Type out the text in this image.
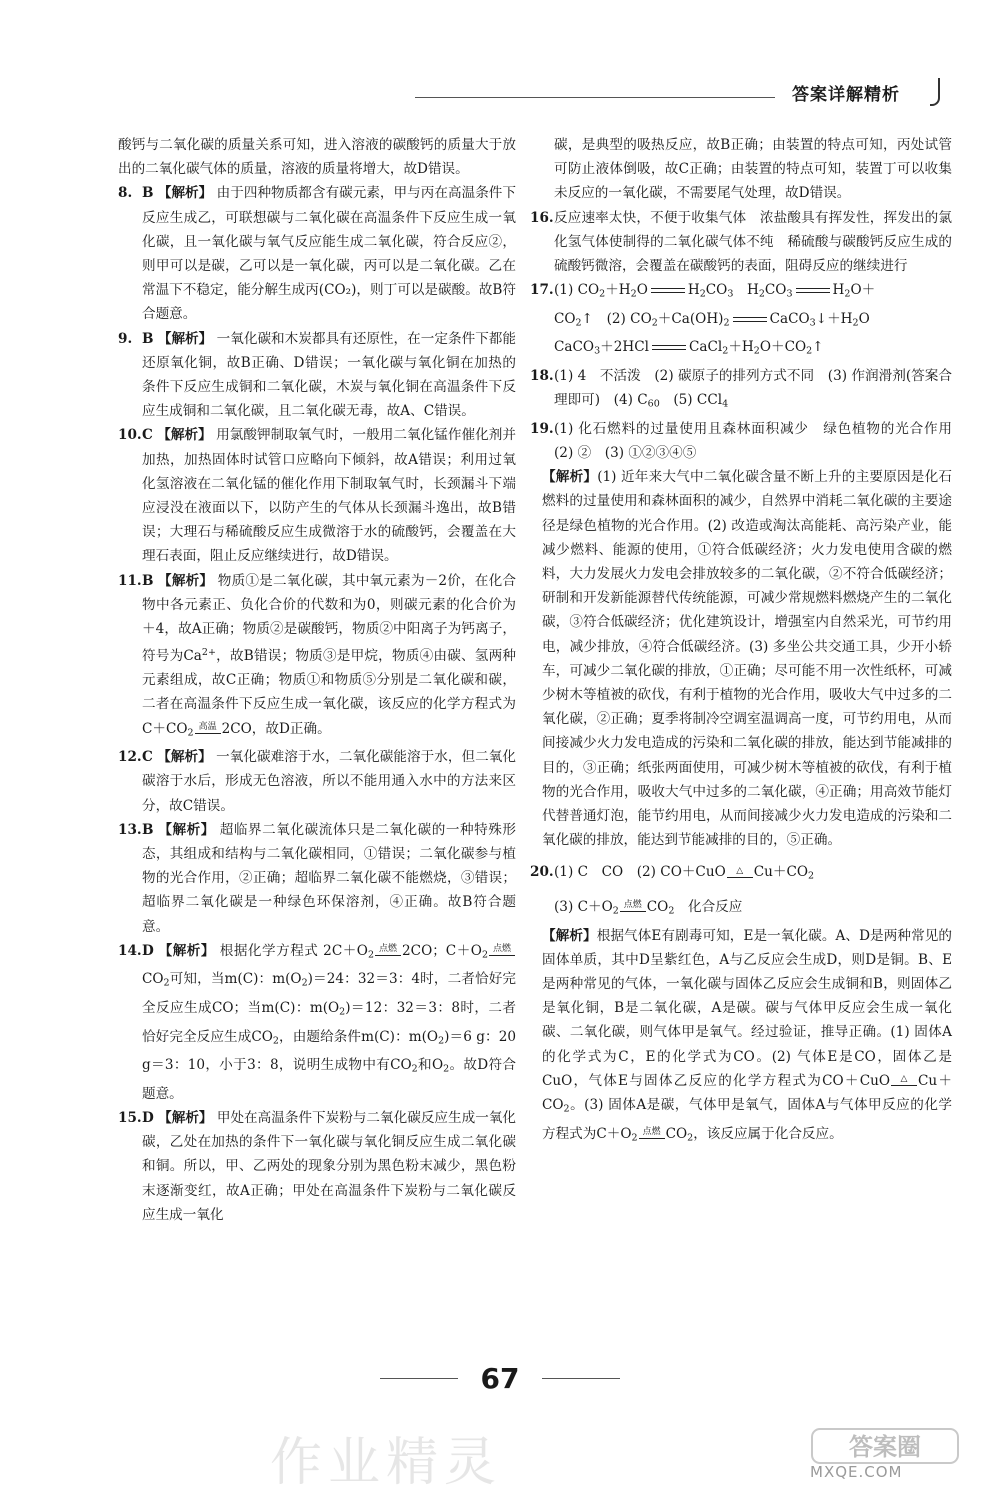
答案详解精析

酸钙与二氧化碳的质量关系可知，进入溶液的碳酸钙的质量大于放出的二氧化碳气体的质量，溶液的质量将增大，故D错误。

8. B 【解析】 由于四种物质都含有碳元素，甲与丙在高温条件下反应生成乙，可联想碳与二氧化碳在高温条件下反应生成一氧化碳，且一氧化碳与氧气反应能生成二氧化碳，符合反应②，则甲可以是碳，乙可以是一氧化碳，丙可以是二氧化碳。乙在常温下不稳定，能分解生成丙(CO₂)，则丁可以是碳酸。故B符合题意。
9. B 【解析】 一氧化碳和木炭都具有还原性，在一定条件下都能还原氧化铜，故B正确、D错误；一氧化碳与氧化铜在加热的条件下反应生成铜和二氧化碳，木炭与氧化铜在高温条件下反应生成铜和二氧化碳，且二氧化碳无毒，故A、C错误。
10. C 【解析】 用氯酸钾制取氧气时，一般用二氧化锰作催化剂并加热，加热固体时试管口应略向下倾斜，故A错误；利用过氧化氢溶液在二氧化锰的催化作用下制取氧气时，长颈漏斗下端应浸没在液面以下，以防产生的气体从长颈漏斗逸出，故B错误；大理石与稀硫酸反应生成微溶于水的硫酸钙，会覆盖在大理石表面，阻止反应继续进行，故D错误。
11. B 【解析】 物质①是二氧化碳，其中氧元素为－2价，在化合物中各元素正、负化合价的代数和为0，则碳元素的化合价为＋4，故A正确；物质②是碳酸钙，物质②中阳离子为钙离子，符号为$Ca^{2+}$，故B错误；物质③是甲烷，物质④由碳、氢两种元素组成，故C正确；物质①和物质⑤分别是二氧化碳和碳，二者在高温条件下反应生成一氧化碳，该反应的化学方程式为$C+CO_2$ 高温 2CO，故D正确。
12. C 【解析】 一氧化碳难溶于水，二氧化碳能溶于水，但二氧化碳溶于水后，形成无色溶液，所以不能用通入水中的方法来区分，故C错误。
13. B 【解析】 超临界二氧化碳流体只是二氧化碳的一种特殊形态，其组成和结构与二氧化碳相同，①错误；二氧化碳参与植物的光合作用，②正确；超临界二氧化碳不能燃烧，③错误；超临界二氧化碳是一种绿色环保溶剂，④正确。故B符合题意。
14. D 【解析】 根据化学方程式 $2C+O_2$ 点燃 2CO；$C+O_2$ 点燃
$CO_2$可知，当m(C)：$m(O_2)=24$：32＝3：4时，二者恰好完全反应生成CO；当m(C)：$m(O_2)=12$：32＝3：8时，二者恰好完全反应生成$CO_2$，由题给条件m(C)：$m(O_2)=6$ g：20 g＝3：10，小于3：8，说明生成物中有$CO_2$和$O_2$。故D符合题意。
15. D 【解析】 甲处在高温条件下炭粉与二氧化碳反应生成一氧化碳，乙处在加热的条件下一氧化碳与氧化铜反应生成二氧化碳和铜。所以，甲、乙两处的现象分别为黑色粉末减少，黑色粉末逐渐变红，故A正确；甲处在高温条件下炭粉与二氧化碳反应生成一氧化

碳，是典型的吸热反应，故B正确；由装置的特点可知，丙处试管可防止液体倒吸，故C正确；由装置的特点可知，装置丁可以收集未反应的一氧化碳，不需要尾气处理，故D错误。

16. 反应速率太快，不便于收集气体　浓盐酸具有挥发性，挥发出的氯化氢气体使制得的二氧化碳气体不纯　稀硫酸与碳酸钙反应生成的硫酸钙微溶，会覆盖在碳酸钙的表面，阻碍反应的继续进行
17. (1) $CO_2+H_2O$	$H_2CO_3$　$H_2CO_3$	$H_2O+$
$CO_2↑$　(2) $CO_2+Ca(OH)_2$	$CaCO_3↓+H_2O$
CaCO$_3$＋2HCl	$CaCl_2+H_2O+CO_2↑$
18. (1) 4　不活泼　(2) 碳原子的排列方式不同　(3) 作润滑剂(答案合理即可)　(4) $C_{60}$　(5) CCl$_4$
19. (1) 化石燃料的过量使用且森林面积减少　绿色植物的光合作用　(2) ②　(3) ①②③④⑤

【解析】(1) 近年来大气中二氧化碳含量不断上升的主要原因是化石燃料的过量使用和森林面积的减少，自然界中消耗二氧化碳的主要途径是绿色植物的光合作用。(2) 改造或淘汰高能耗、高污染产业，能减少燃料、能源的使用，①符合低碳经济；火力发电使用含碳的燃料，大力发展火力发电会排放较多的二氧化碳，②不符合低碳经济；研制和开发新能源替代传统能源，可减少常规燃料燃烧产生的二氧化碳，③符合低碳经济；优化建筑设计，增强室内自然采光，可节约用电，减少排放，④符合低碳经济。(3) 多坐公共交通工具，少开小轿车，可减少二氧化碳的排放，①正确；尽可能不用一次性纸杯，可减少树木等植被的砍伐，有利于植物的光合作用，吸收大气中过多的二氧化碳，②正确；夏季将制冷空调室温调高一度，可节约用电，从而间接减少火力发电造成的污染和二氧化碳的排放，能达到节能减排的目的，③正确；纸张两面使用，可减少树木等植被的砍伐，有利于植物的光合作用，吸收大气中过多的二氧化碳，④正确；用高效节能灯代替普通灯泡，能节约用电，从而间接减少火力发电造成的污染和二氧化碳的排放，能达到节能减排的目的，⑤正确。

20. (1) C　CO　(2) CO＋CuO △ $Cu+CO_2$
(3) $C+O_2$ 点燃 $CO_2$　化合反应

【解析】根据气体E有剧毒可知，E是一氧化碳。A、D是两种常见的固体单质，其中D呈紫红色，A与乙反应会生成D，则D是铜。B、E是两种常见的气体，一氧化碳与固体乙反应会生成铜和B，则固体乙是氧化铜，B是二氧化碳，A是碳。碳与气体甲反应会生成一氧化碳、二氧化碳，则气体甲是氧气。经过验证，推导正确。(1) 固体A的化学式为C，E的化学式为CO。(2) 气体E是CO，固体乙是CuO，气体E与固体乙反应的化学方程式为CO＋CuO △ $Cu+CO_2$。(3) 固体A是碳，气体甲是氧气，固体A与气体甲反应的化学方程式为$C+O_2$ 点燃 $CO_2$，该反应属于化合反应。

67
作业精灵	答案圈
MXQE.COM
